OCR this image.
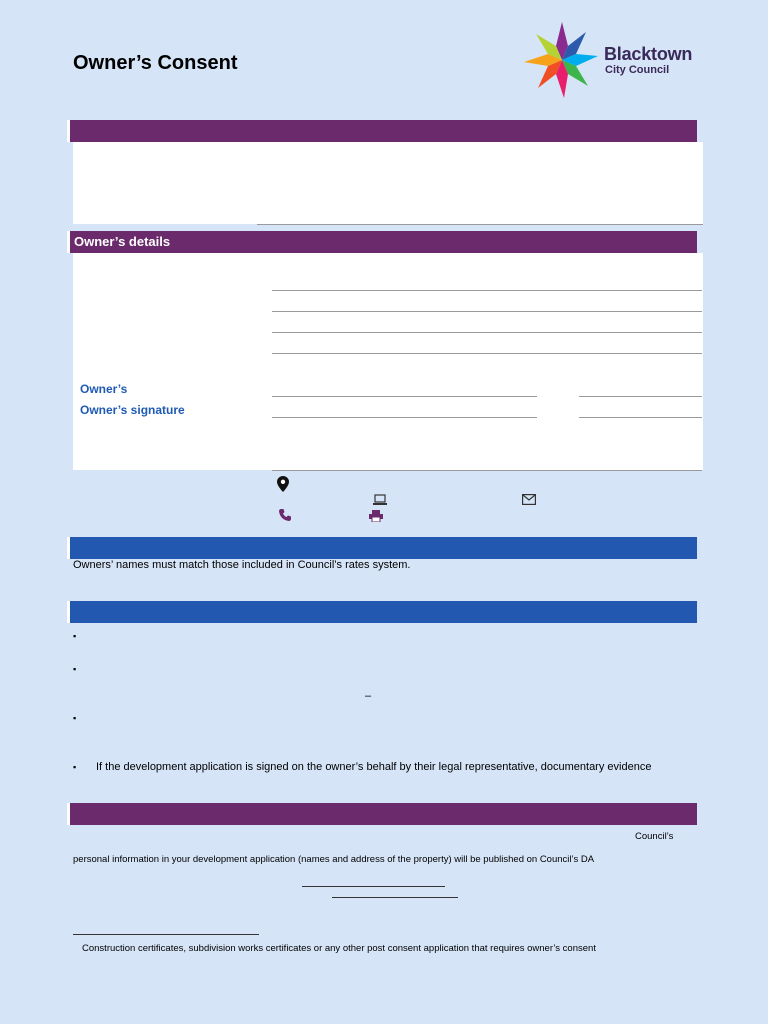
Owner’s Consent	Blacktown
City Council
Owner’s details
Owner’s
Owner’s signature
Owners’ names must match those included in Council’s rates system.
▪
▪
–
▪
▪ If the development application is signed on the owner’s behalf by their legal representative, documentary evidence
Council’s
personal information in your development application (names and address of the property) will be published on Council’s DA
Construction certificates, subdivision works certificates or any other post consent application that requires owner’s consent
